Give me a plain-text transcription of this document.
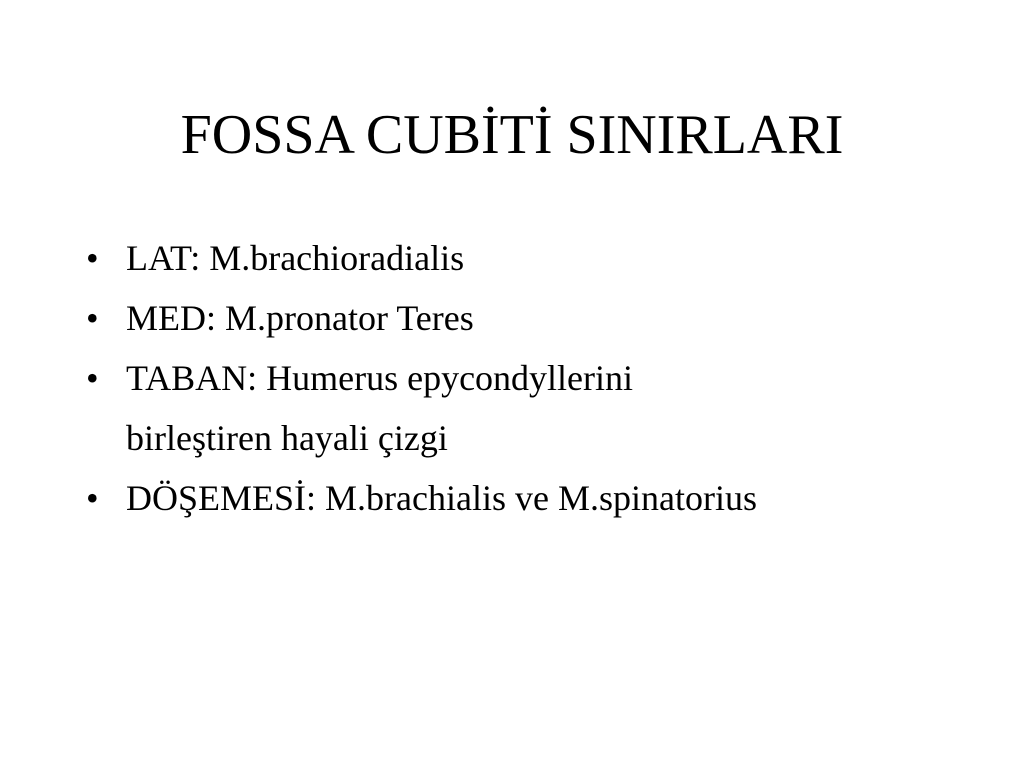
FOSSA CUBİTİ SINIRLARI
• LAT: M.brachioradialis
• MED: M.pronator Teres
• TABAN: Humerus epycondyllerini
birleştiren hayali çizgi
• DÖŞEMESİ: M.brachialis ve M.spinatorius
